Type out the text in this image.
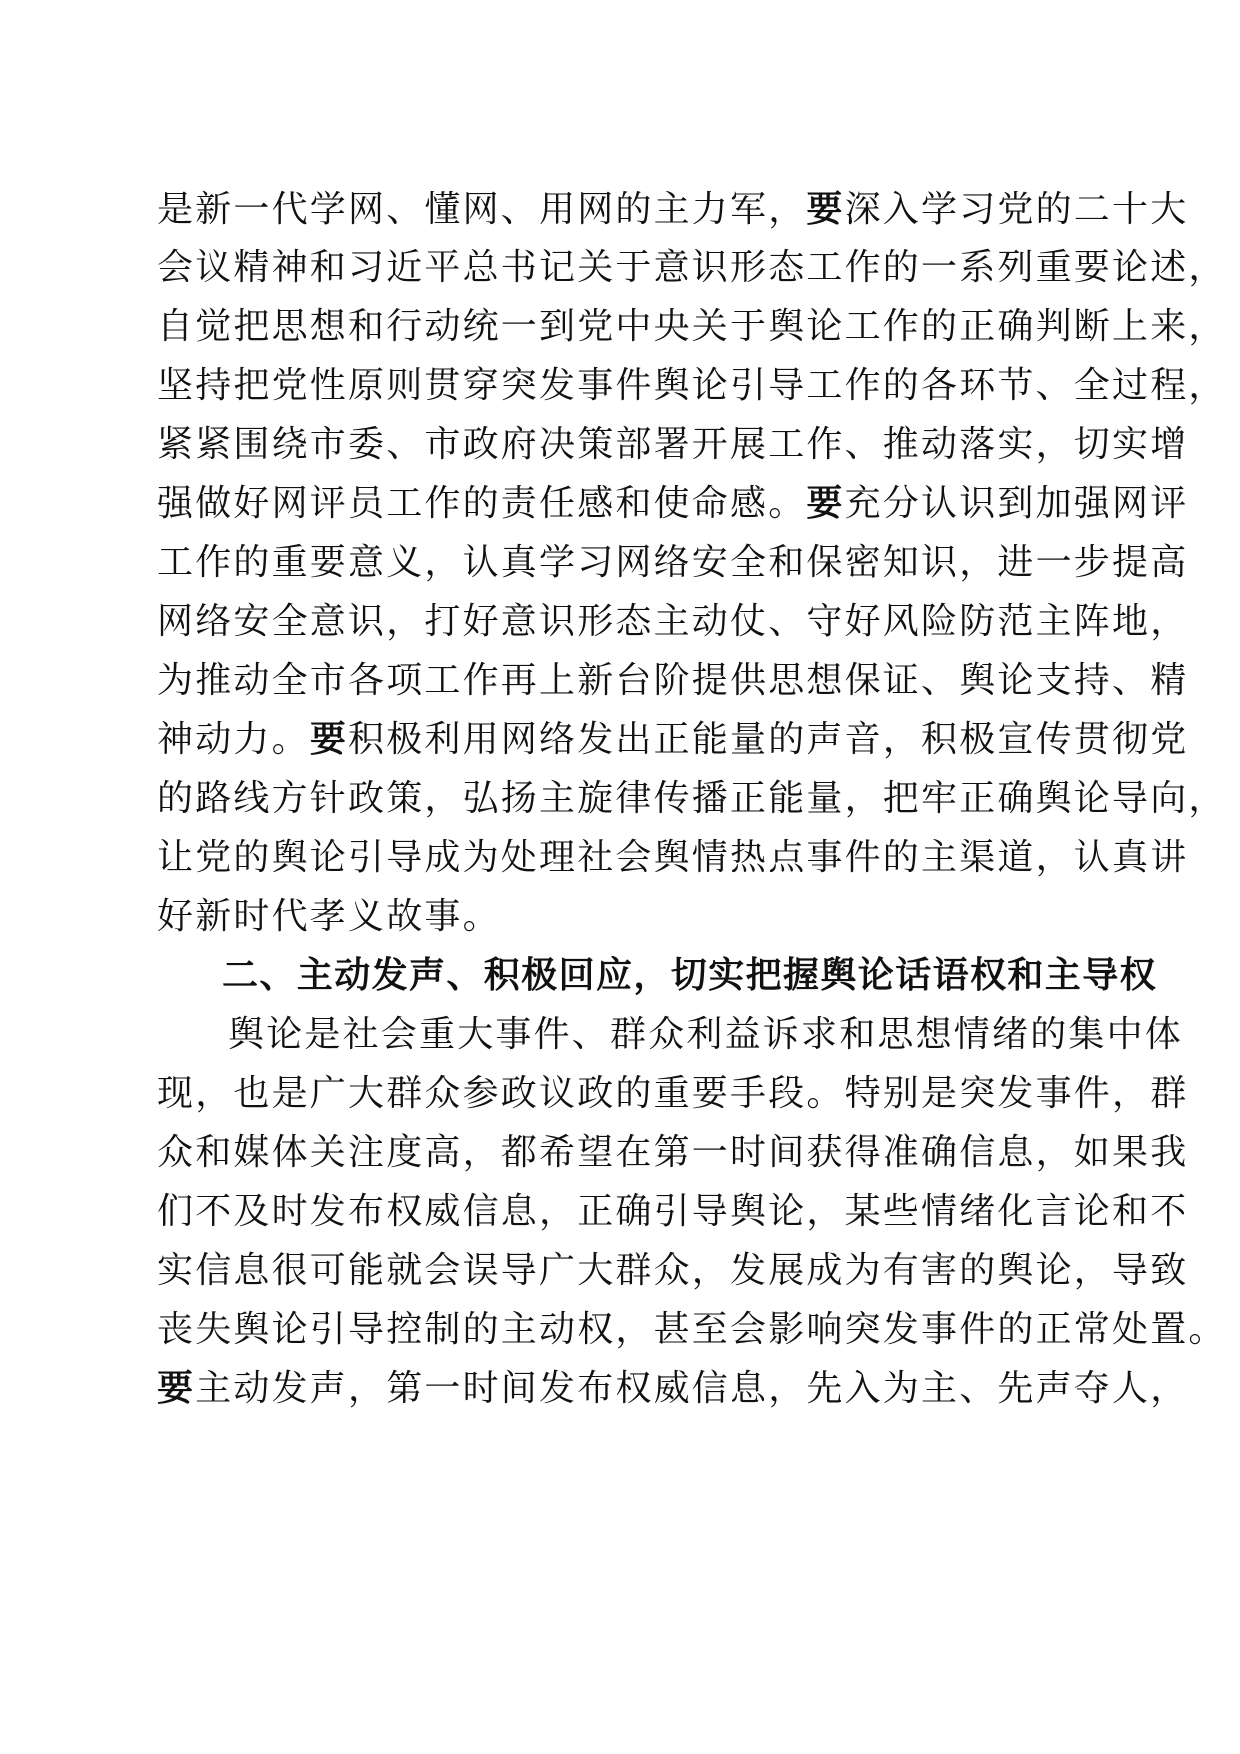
是新一代学网、懂网、用网的主力军，要深入学习党的二十大
会议精神和习近平总书记关于意识形态工作的一系列重要论述，
自觉把思想和行动统一到党中央关于舆论工作的正确判断上来，
坚持把党性原则贯穿突发事件舆论引导工作的各环节、全过程，
紧紧围绕市委、市政府决策部署开展工作、推动落实，切实增
强做好网评员工作的责任感和使命感。要充分认识到加强网评
工作的重要意义，认真学习网络安全和保密知识，进一步提高
网络安全意识，打好意识形态主动仗、守好风险防范主阵地，
为推动全市各项工作再上新台阶提供思想保证、舆论支持、精
神动力。要积极利用网络发出正能量的声音，积极宣传贯彻党
的路线方针政策，弘扬主旋律传播正能量，把牢正确舆论导向，
让党的舆论引导成为处理社会舆情热点事件的主渠道，认真讲
好新时代孝义故事。
二、主动发声、积极回应，切实把握舆论话语权和主导权
舆论是社会重大事件、群众利益诉求和思想情绪的集中体
现，也是广大群众参政议政的重要手段。特别是突发事件，群
众和媒体关注度高，都希望在第一时间获得准确信息，如果我
们不及时发布权威信息，正确引导舆论，某些情绪化言论和不
实信息很可能就会误导广大群众，发展成为有害的舆论，导致
丧失舆论引导控制的主动权，甚至会影响突发事件的正常处置。
要主动发声，第一时间发布权威信息，先入为主、先声夺人，
